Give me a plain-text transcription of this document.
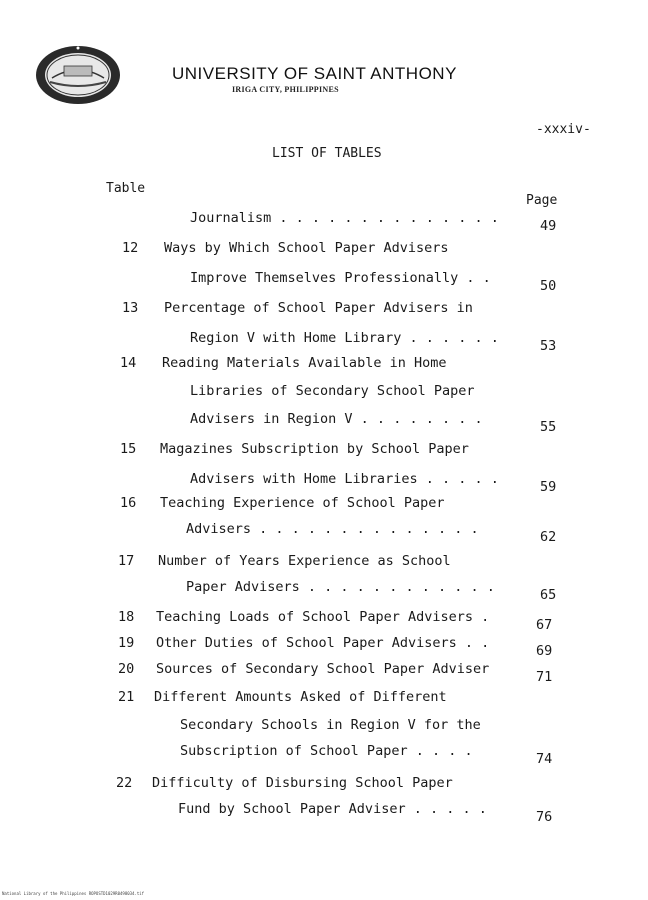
UNIVERSITY OF SAINT ANTHONY
IRIGA CITY, PHILIPPINES
-xxxiv-
LIST OF TABLES
Table
Page
Journalism . . . . . . . . . . . . . .	49
12 Ways by Which School Paper Advisers
Improve Themselves Professionally . .	50
13 Percentage of School Paper Advisers in
Region V with Home Library . . . . . .	53
14 Reading Materials Available in Home
Libraries of Secondary School Paper
Advisers in Region V . . . . . . . .	55
15 Magazines Subscription by School Paper
Advisers with Home Libraries . . . . .	59
16 Teaching Experience of School Paper
Advisers . . . . . . . . . . . . . .	62
17 Number of Years Experience as School
Paper Advisers . . . . . . . . . . . .	65
18 Teaching Loads of School Paper Advisers .	67
19 Other Duties of School Paper Advisers . .	69
20 Sources of Secondary School Paper Adviser	71
21 Different Amounts Asked of Different
Secondary Schools in Region V for the
Subscription of School Paper . . . .	74
22 Difficulty of Disbursing School Paper
Fund by School Paper Adviser . . . . .	76
National Library of the Philippines ROPOSTD1029R0498034.tif
